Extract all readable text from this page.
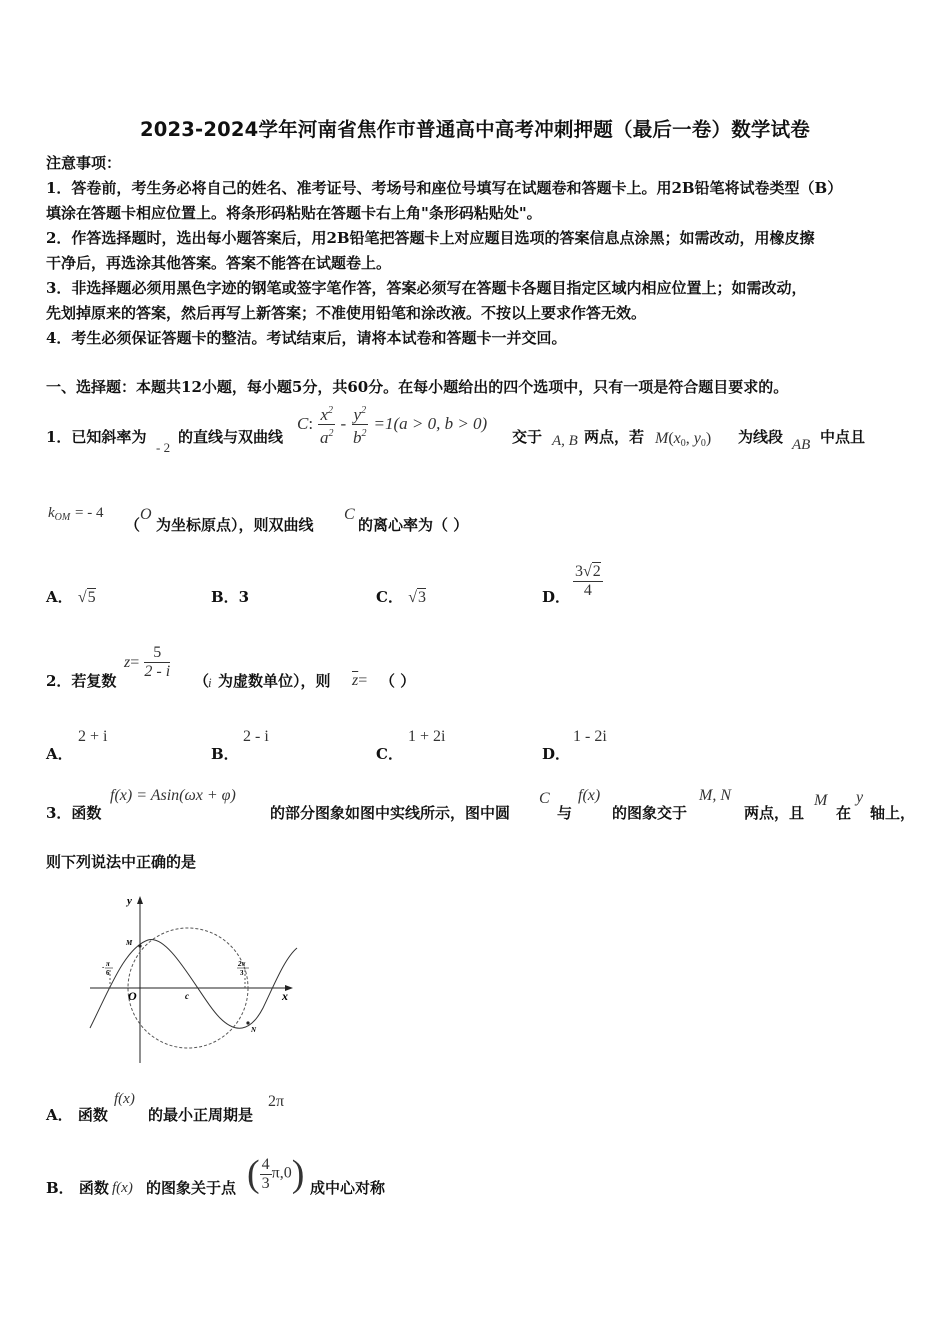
2023-2024学年河南省焦作市普通高中高考冲刺押题（最后一卷）数学试卷
注意事项：
1．答卷前，考生务必将自己的姓名、准考证号、考场号和座位号填写在试题卷和答题卡上。用2B铅笔将试卷类型（B）
填涂在答题卡相应位置上。将条形码粘贴在答题卡右上角"条形码粘贴处"。
2．作答选择题时，选出每小题答案后，用2B铅笔把答题卡上对应题目选项的答案信息点涂黑；如需改动，用橡皮擦
干净后，再选涂其他答案。答案不能答在试题卷上。
3．非选择题必须用黑色字迹的钢笔或签字笔作答，答案必须写在答题卡各题目指定区域内相应位置上；如需改动，
先划掉原来的答案，然后再写上新答案；不准使用铅笔和涂改液。不按以上要求作答无效。
4．考生必须保证答题卡的整洁。考试结束后，请将本试卷和答题卡一并交回。
一、选择题：本题共12小题，每小题5分，共60分。在每小题给出的四个选项中，只有一项是符合题目要求的。
1．已知斜率为
- 2
的直线与双曲线
C: $\frac{x^2}{a^2} - \frac{y^2}{b^2} =1(a > 0$, b > 0)
交于 A, B 两点，若 $M(x_0$, $y_0$) 为线段 AB 中点且
$k_{OM}$ = - 4
（
O
为坐标原点），则双曲线
C
的离心率为（ ）
A． √5	B．3	C． √3	D． $\frac{3√2}{4}$
2．若复数
$z= \frac{5}{2 - i}$ （
i 为虚数单位），则 $\overline{z}=$ （ ）
A．
2 + i
B．
2 - i
C．
1 + 2i
D．
1 - 2i
3．函数
f(x) = Asin(ωx + φ)
的部分图象如图中实线所示，图中圆
C
与
f(x)
的图象交于
M, N
两点，且
M
在
y
轴上，
则下列说法中正确的是
y
x
O	c
M
N
- π
6
2π
3
A． 函数
f(x)
的最小正周期是
2π
B． 函数 f(x) 的图象关于点 ( $\frac{4}{3} \pi,0$) 成中心对称
